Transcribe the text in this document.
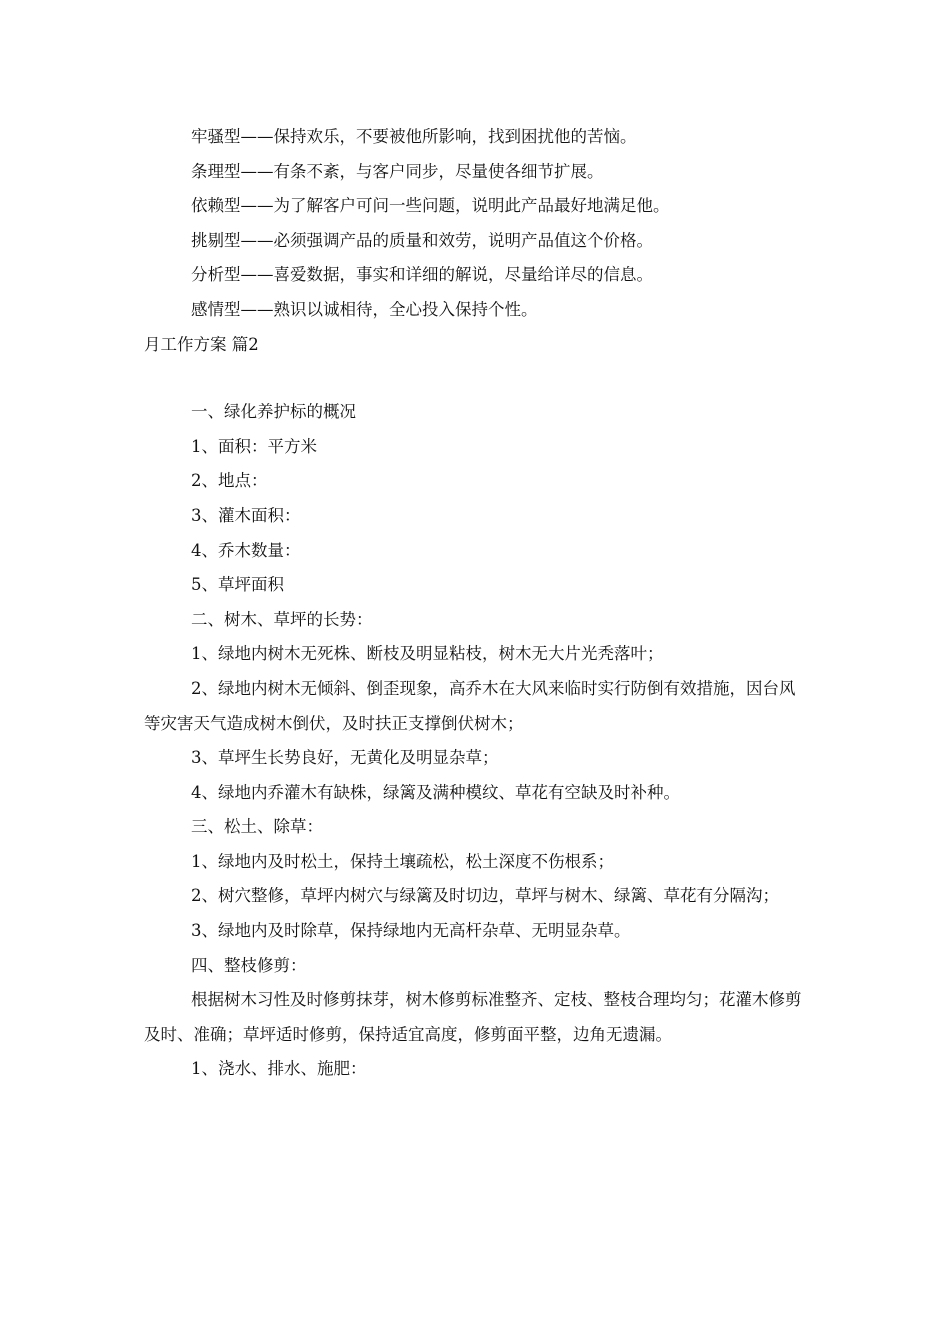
牢骚型——保持欢乐，不要被他所影响，找到困扰他的苦恼。

条理型——有条不紊，与客户同步，尽量使各细节扩展。

依赖型——为了解客户可问一些问题，说明此产品最好地满足他。

挑剔型——必须强调产品的质量和效劳，说明产品值这个价格。

分析型——喜爱数据，事实和详细的解说，尽量给详尽的信息。

感情型——熟识以诚相待，全心投入保持个性。

月工作方案 篇2

一、绿化养护标的概况

1、面积：平方米

2、地点：

3、灌木面积：

4、乔木数量：

5、草坪面积

二、树木、草坪的长势：

1、绿地内树木无死株、断枝及明显粘枝，树木无大片光秃落叶；

2、绿地内树木无倾斜、倒歪现象，高乔木在大风来临时实行防倒有效措施，因台风等灾害天气造成树木倒伏，及时扶正支撑倒伏树木；

3、草坪生长势良好，无黄化及明显杂草；

4、绿地内乔灌木有缺株，绿篱及满种模纹、草花有空缺及时补种。

三、松土、除草：

1、绿地内及时松土，保持土壤疏松，松土深度不伤根系；

2、树穴整修，草坪内树穴与绿篱及时切边，草坪与树木、绿篱、草花有分隔沟；

3、绿地内及时除草，保持绿地内无高杆杂草、无明显杂草。

四、整枝修剪：

根据树木习性及时修剪抹芽，树木修剪标准整齐、定枝、整枝合理均匀；花灌木修剪及时、准确；草坪适时修剪，保持适宜高度，修剪面平整，边角无遗漏。

1、浇水、排水、施肥：
